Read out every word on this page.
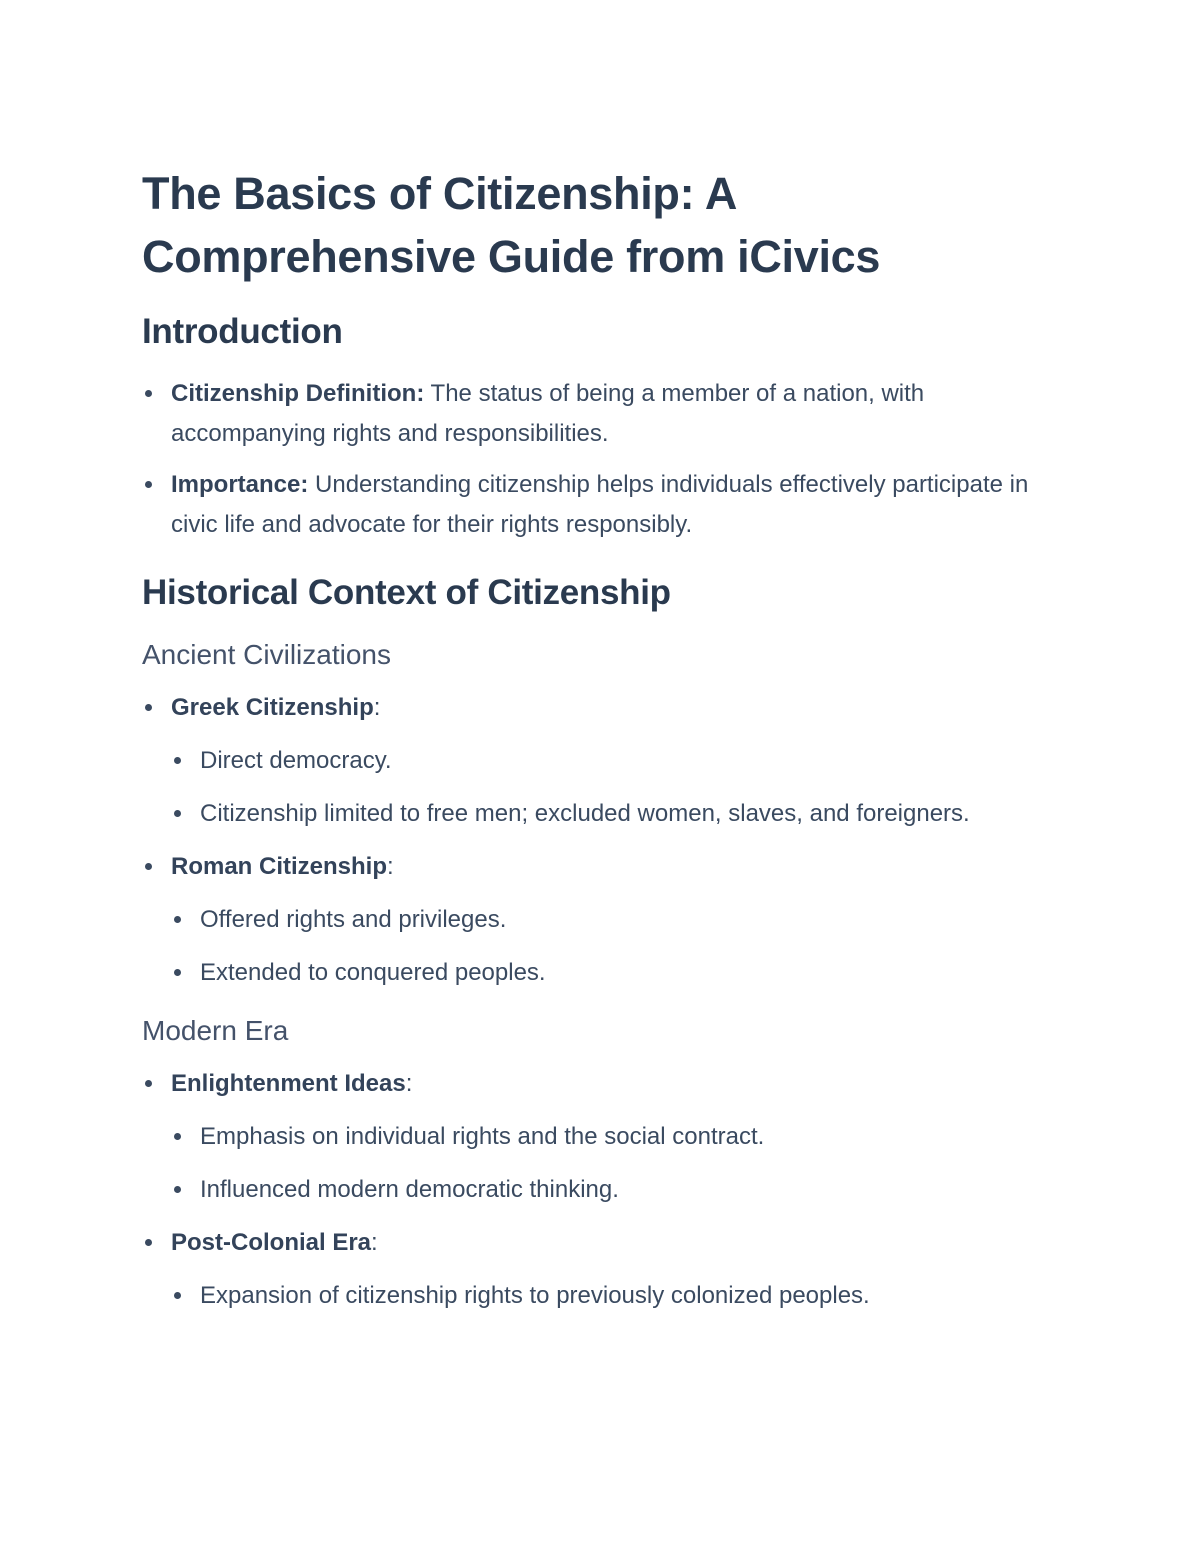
The Basics of Citizenship: A Comprehensive Guide from iCivics
Introduction
Citizenship Definition: The status of being a member of a nation, with accompanying rights and responsibilities.
Importance: Understanding citizenship helps individuals effectively participate in civic life and advocate for their rights responsibly.
Historical Context of Citizenship
Ancient Civilizations
Greek Citizenship:
Direct democracy.
Citizenship limited to free men; excluded women, slaves, and foreigners.
Roman Citizenship:
Offered rights and privileges.
Extended to conquered peoples.
Modern Era
Enlightenment Ideas:
Emphasis on individual rights and the social contract.
Influenced modern democratic thinking.
Post-Colonial Era:
Expansion of citizenship rights to previously colonized peoples.
